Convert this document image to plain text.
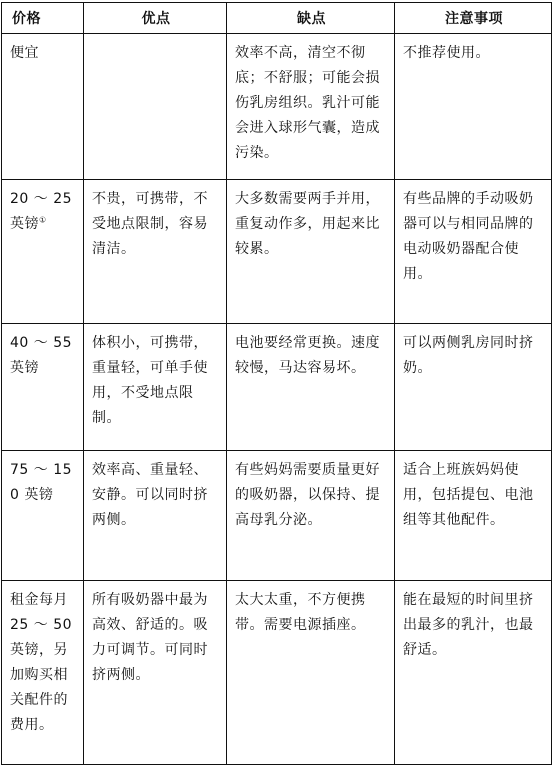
价格	优点	缺点	注意事项
便宜		效率不高，清空不彻底；不舒服；可能会损伤乳房组织。乳汁可能会进入球形气囊，造成污染。	不推荐使用。
20 ～ 25 英镑①	不贵，可携带，不受地点限制，容易清洁。	大多数需要两手并用，重复动作多，用起来比较累。	有些品牌的手动吸奶器可以与相同品牌的电动吸奶器配合使用。
40 ～ 55 英镑	体积小，可携带，重量轻，可单手使用，不受地点限制。	电池要经常更换。速度较慢，马达容易坏。	可以两侧乳房同时挤奶。
75 ～ 150 英镑	效率高、重量轻、安静。可以同时挤两侧。	有些妈妈需要质量更好的吸奶器，以保持、提高母乳分泌。	适合上班族妈妈使用，包括提包、电池组等其他配件。
租金每月 25 ～ 50 英镑，另加购买相关配件的费用。	所有吸奶器中最为高效、舒适的。吸力可调节。可同时挤两侧。	太大太重，不方便携带。需要电源插座。	能在最短的时间里挤出最多的乳汁，也最舒适。
